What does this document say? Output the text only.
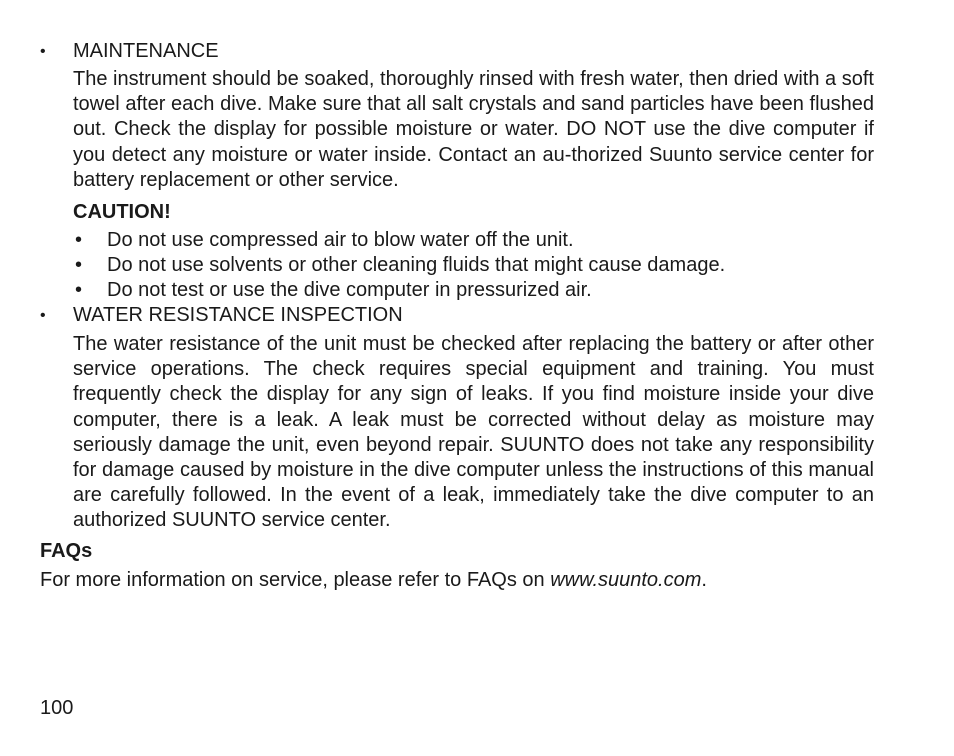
• MAINTENANCE
The instrument should be soaked, thoroughly rinsed with fresh water, then dried with a soft towel after each dive. Make sure that all salt crystals and sand particles have been flushed out. Check the display for possible moisture or water. DO NOT use the dive computer if you detect any moisture or water inside. Contact an au-thorized Suunto service center for battery replacement or other service.
CAUTION!
• Do not use compressed air to blow water off the unit.
• Do not use solvents or other cleaning fluids that might cause damage.
• Do not test or use the dive computer in pressurized air.
• WATER RESISTANCE INSPECTION
The water resistance of the unit must be checked after replacing the battery or after other service operations. The check requires special equipment and training. You must frequently check the display for any sign of leaks. If you find moisture inside your dive computer, there is a leak. A leak must be corrected without delay as moisture may seriously damage the unit, even beyond repair. SUUNTO does not take any responsibility for damage caused by moisture in the dive computer unless the instructions of this manual are carefully followed. In the event of a leak, immediately take the dive computer to an authorized SUUNTO service center.
FAQs
For more information on service, please refer to FAQs on www.suunto.com.
100
